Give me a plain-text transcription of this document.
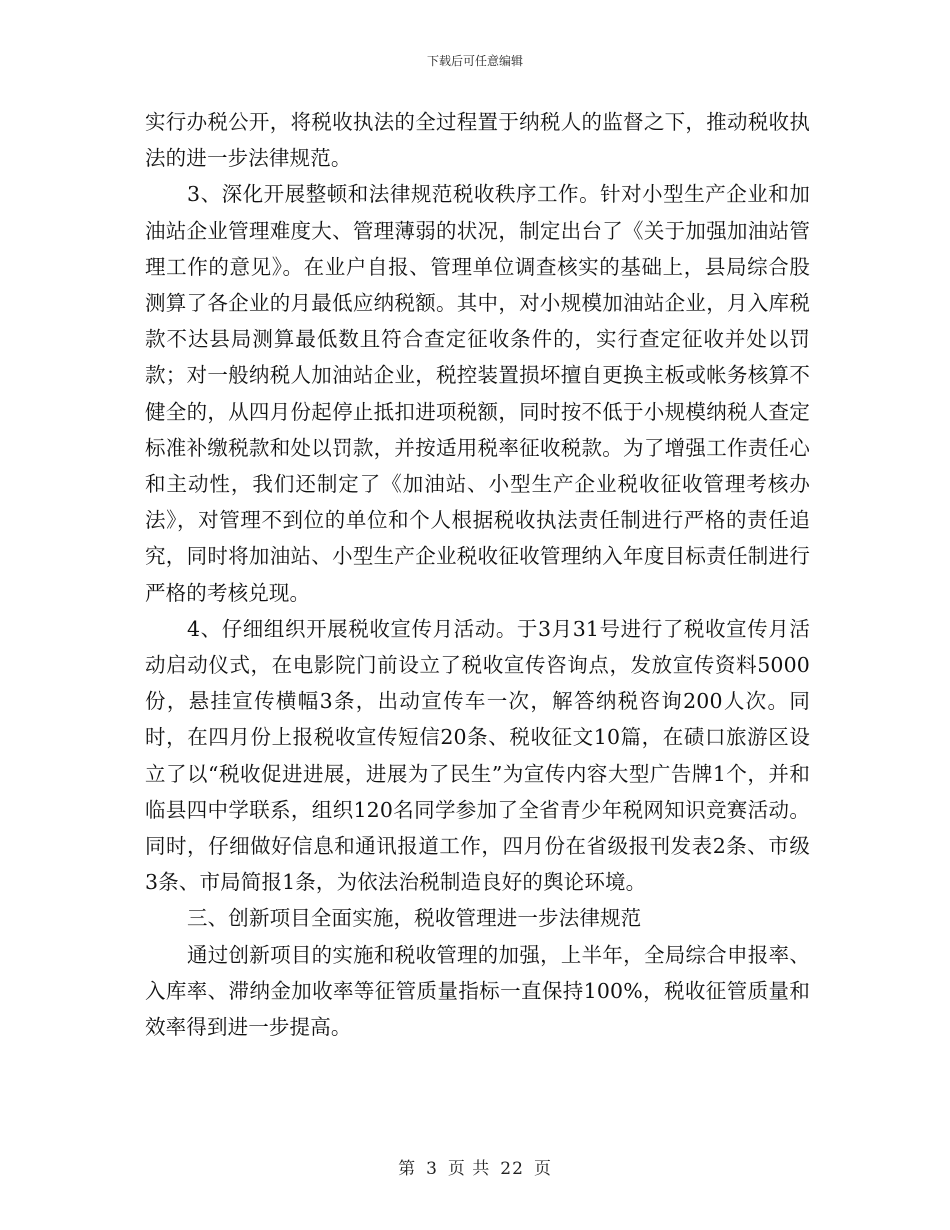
下载后可任意编辑

实行办税公开，将税收执法的全过程置于纳税人的监督之下，推动税收执法的进一步法律规范。

3、深化开展整顿和法律规范税收秩序工作。针对小型生产企业和加油站企业管理难度大、管理薄弱的状况，制定出台了《关于加强加油站管理工作的意见》。在业户自报、管理单位调查核实的基础上，县局综合股测算了各企业的月最低应纳税额。其中，对小规模加油站企业，月入库税款不达县局测算最低数且符合查定征收条件的，实行查定征收并处以罚款；对一般纳税人加油站企业，税控装置损坏擅自更换主板或帐务核算不健全的，从四月份起停止抵扣进项税额，同时按不低于小规模纳税人查定标准补缴税款和处以罚款，并按适用税率征收税款。为了增强工作责任心和主动性，我们还制定了《加油站、小型生产企业税收征收管理考核办法》，对管理不到位的单位和个人根据税收执法责任制进行严格的责任追究，同时将加油站、小型生产企业税收征收管理纳入年度目标责任制进行严格的考核兑现。

4、仔细组织开展税收宣传月活动。于3月31号进行了税收宣传月活动启动仪式，在电影院门前设立了税收宣传咨询点，发放宣传资料5000份，悬挂宣传横幅3条，出动宣传车一次，解答纳税咨询200人次。同时，在四月份上报税收宣传短信20条、税收征文10篇，在碛口旅游区设立了以“税收促进进展，进展为了民生”为宣传内容大型广告牌1个，并和临县四中学联系，组织120名同学参加了全省青少年税网知识竞赛活动。同时，仔细做好信息和通讯报道工作，四月份在省级报刊发表2条、市级3条、市局简报1条，为依法治税制造良好的舆论环境。

三、创新项目全面实施，税收管理进一步法律规范

通过创新项目的实施和税收管理的加强，上半年，全局综合申报率、入库率、滞纳金加收率等征管质量指标一直保持100%，税收征管质量和效率得到进一步提高。

第 3 页 共 22 页
